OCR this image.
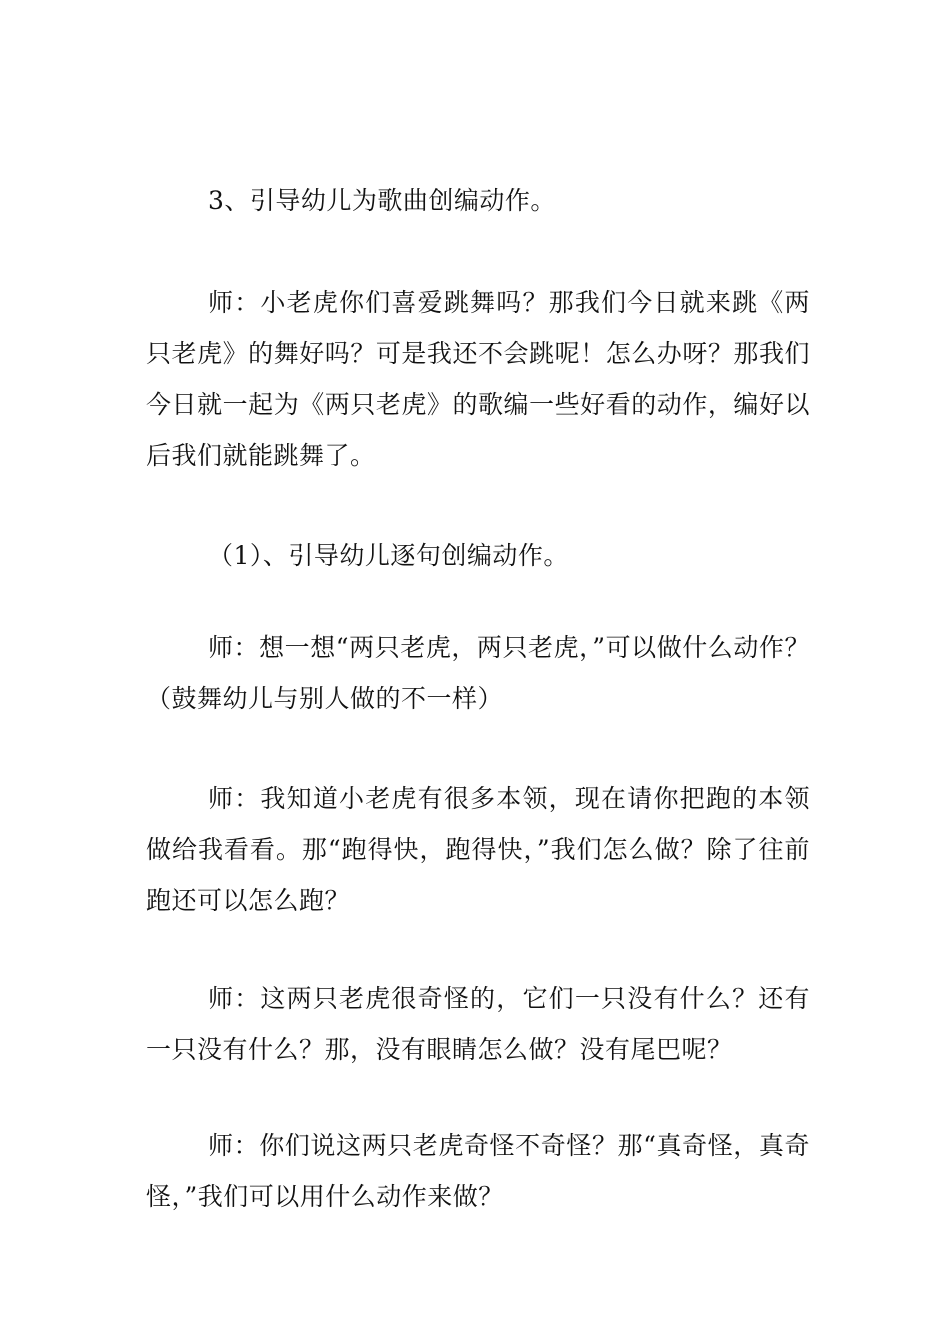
3、引导幼儿为歌曲创编动作。

师：小老虎你们喜爱跳舞吗？那我们今日就来跳《两只老虎》的舞好吗？可是我还不会跳呢！怎么办呀？那我们今日就一起为《两只老虎》的歌编一些好看的动作，编好以后我们就能跳舞了。

（1）、引导幼儿逐句创编动作。

师：想一想“两只老虎，两只老虎，”可以做什么动作？（鼓舞幼儿与别人做的不一样）

师：我知道小老虎有很多本领，现在请你把跑的本领做给我看看。那“跑得快，跑得快，”我们怎么做？除了往前跑还可以怎么跑？

师：这两只老虎很奇怪的，它们一只没有什么？还有一只没有什么？那，没有眼睛怎么做？没有尾巴呢？

师：你们说这两只老虎奇怪不奇怪？那“真奇怪，真奇怪，”我们可以用什么动作来做？
